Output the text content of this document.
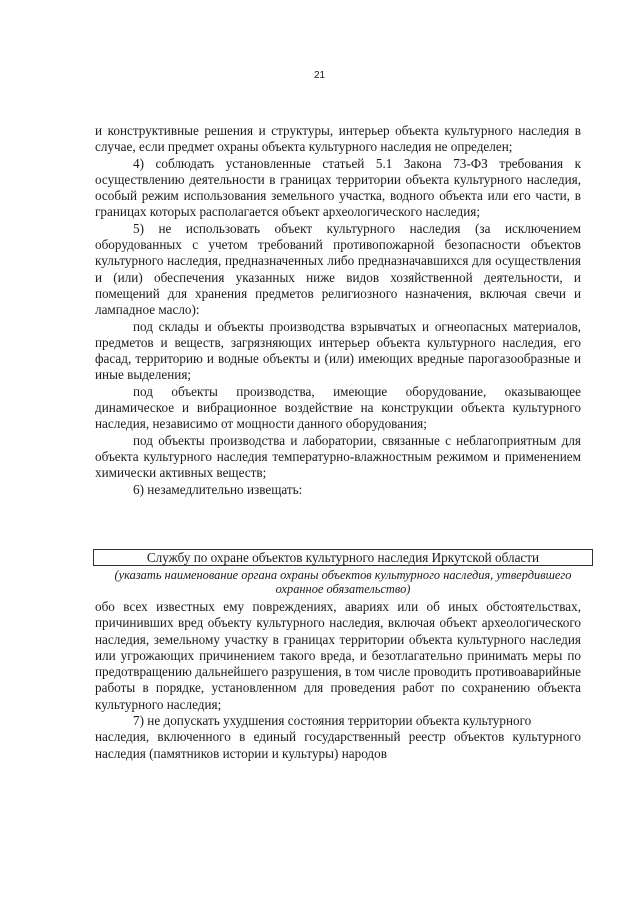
21

и конструктивные решения и структуры, интерьер объекта культурного наследия в случае, если предмет охраны объекта культурного наследия не определен;

4) соблюдать установленные статьей 5.1 Закона 73-ФЗ требования к осуществлению деятельности в границах территории объекта культурного наследия, особый режим использования земельного участка, водного объекта или его части, в границах которых располагается объект археологического наследия;

5) не использовать объект культурного наследия (за исключением оборудованных с учетом требований противопожарной безопасности объектов культурного наследия, предназначенных либо предназначавшихся для осуществления и (или) обеспечения указанных ниже видов хозяйственной деятельности, и помещений для хранения предметов религиозного назначения, включая свечи и лампадное масло):

под склады и объекты производства взрывчатых и огнеопасных материалов, предметов и веществ, загрязняющих интерьер объекта культурного наследия, его фасад, территорию и водные объекты и (или) имеющих вредные парогазообразные и иные выделения;

под объекты производства, имеющие оборудование, оказывающее динамическое и вибрационное воздействие на конструкции объекта культурного наследия, независимо от мощности данного оборудования;

под объекты производства и лаборатории, связанные с неблагоприятным для объекта культурного наследия температурно-влажностным режимом и применением химически активных веществ;

6) незамедлительно извещать:

Службу по охране объектов культурного наследия Иркутской области
(указать наименование органа охраны объектов культурного наследия, утвердившего охранное обязательство)

обо всех известных ему повреждениях, авариях или об иных обстоятельствах, причинивших вред объекту культурного наследия, включая объект археологического наследия, земельному участку в границах территории объекта культурного наследия или угрожающих причинением такого вреда, и безотлагательно принимать меры по предотвращению дальнейшего разрушения, в том числе проводить противоаварийные работы в порядке, установленном для проведения работ по сохранению объекта культурного наследия;

7) не допускать ухудшения состояния территории объекта культурного

наследия, включенного в единый государственный реестр объектов культурного наследия (памятников истории и культуры) народов
